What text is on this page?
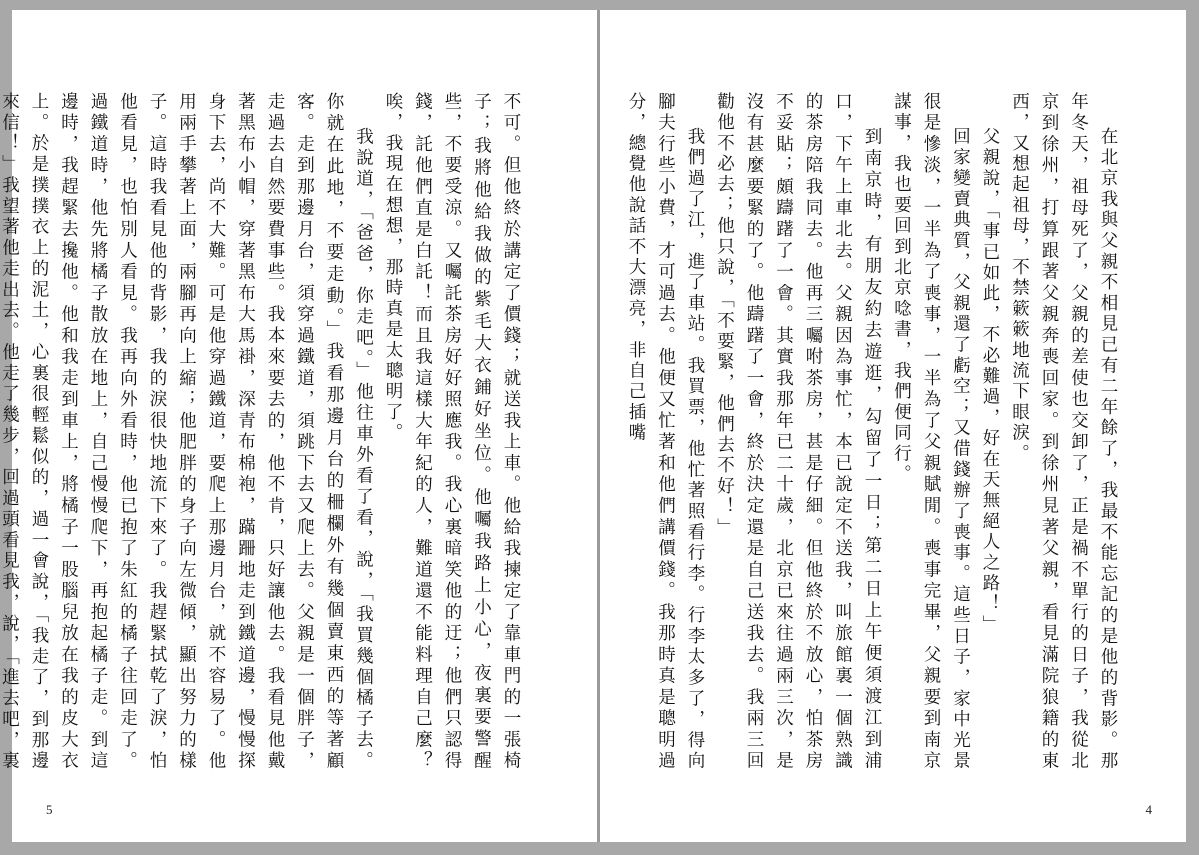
不可。但他終於講定了價錢；就送我上車。他給我揀定了靠車門的一張椅子；我將他給我做的紫毛大衣鋪好坐位。他囑我路上小心，夜裏要警醒些，不要受涼。又囑託茶房好好照應我。我心裏暗笑他的迂；他們只認得錢，託他們直是白託！而且我這樣大年紀的人，難道還不能料理自己麼？唉，我現在想想，那時真是太聰明了。

我說道，「爸爸，你走吧。」他往車外看了看，說，「我買幾個橘子去。你就在此地，不要走動。」我看那邊月台的柵欄外有幾個賣東西的等著顧客。走到那邊月台，須穿過鐵道，須跳下去又爬上去。父親是一個胖子，走過去自然要費事些。我本來要去的，他不肯，只好讓他去。我看見他戴著黑布小帽，穿著黑布大馬褂，深青布棉袍，蹣跚地走到鐵道邊，慢慢探身下去，尚不大難。可是他穿過鐵道，要爬上那邊月台，就不容易了。他用兩手攀著上面，兩腳再向上縮；他肥胖的身子向左微傾，顯出努力的樣子。這時我看見他的背影，我的淚很快地流下來了。我趕緊拭乾了淚，怕他看見，也怕別人看見。我再向外看時，他已抱了朱紅的橘子往回走了。過鐵道時，他先將橘子散放在地上，自己慢慢爬下，再抱起橘子走。到這邊時，我趕緊去攙他。他和我走到車上，將橘子一股腦兒放在我的皮大衣上。於是撲撲衣上的泥土，心裏很輕鬆似的，過一會說，「我走了，到那邊來信！」我望著他走出去。他走了幾步，回過頭看見我，說，「進去吧，裏

5

在北京我與父親不相見已有二年餘了，我最不能忘記的是他的背影。那年冬天，祖母死了，父親的差使也交卸了，正是禍不單行的日子，我從北京到徐州，打算跟著父親奔喪回家。到徐州見著父親，看見滿院狼籍的東西，又想起祖母，不禁簌簌地流下眼淚。

父親說，「事已如此，不必難過，好在天無絕人之路！」

回家變賣典質，父親還了虧空；又借錢辦了喪事。這些日子，家中光景很是慘淡，一半為了喪事，一半為了父親賦閒。喪事完畢，父親要到南京謀事，我也要回到北京唸書，我們便同行。

到南京時，有朋友約去遊逛，勾留了一日；第二日上午便須渡江到浦口，下午上車北去。父親因為事忙，本已說定不送我，叫旅館裏一個熟識的茶房陪我同去。他再三囑咐茶房，甚是仔細。但他終於不放心，怕茶房不妥貼；頗躊躇了一會。其實我那年已二十歲，北京已來往過兩三次，是沒有甚麼要緊的了。他躊躇了一會，終於決定還是自己送我去。我兩三回勸他不必去；他只說，「不要緊，他們去不好！」

我們過了江，進了車站。我買票，他忙著照看行李。行李太多了，得向腳夫行些小費，才可過去。他便又忙著和他們講價錢。我那時真是聰明過分，總覺他說話不大漂亮，非自己插嘴

4
